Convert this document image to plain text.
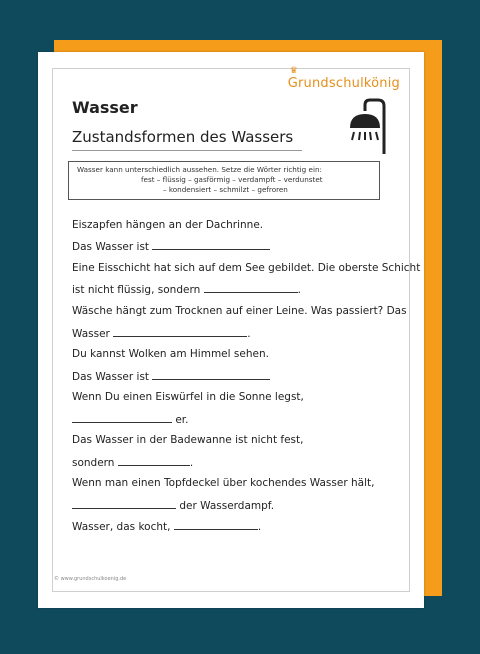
♛
Grundschulkönig
Wasser
Zustandsformen des Wassers
Wasser kann unterschiedlich aussehen. Setze die Wörter richtig ein:
fest – flüssig – gasförmig – verdampft – verdunstet
– kondensiert – schmilzt – gefroren
Eiszapfen hängen an der Dachrinne.
Das Wasser ist
Eine Eisschicht hat sich auf dem See gebildet. Die oberste Schicht
ist nicht flüssig, sondern	.
Wäsche hängt zum Trocknen auf einer Leine. Was passiert? Das
Wasser	.
Du kannst Wolken am Himmel sehen.
Das Wasser ist
Wenn Du einen Eiswürfel in die Sonne legst,
er.
Das Wasser in der Badewanne ist nicht fest,
sondern	.
Wenn man einen Topfdeckel über kochendes Wasser hält,
der Wasserdampf.
Wasser, das kocht,	.
© www.grundschulkoenig.de
